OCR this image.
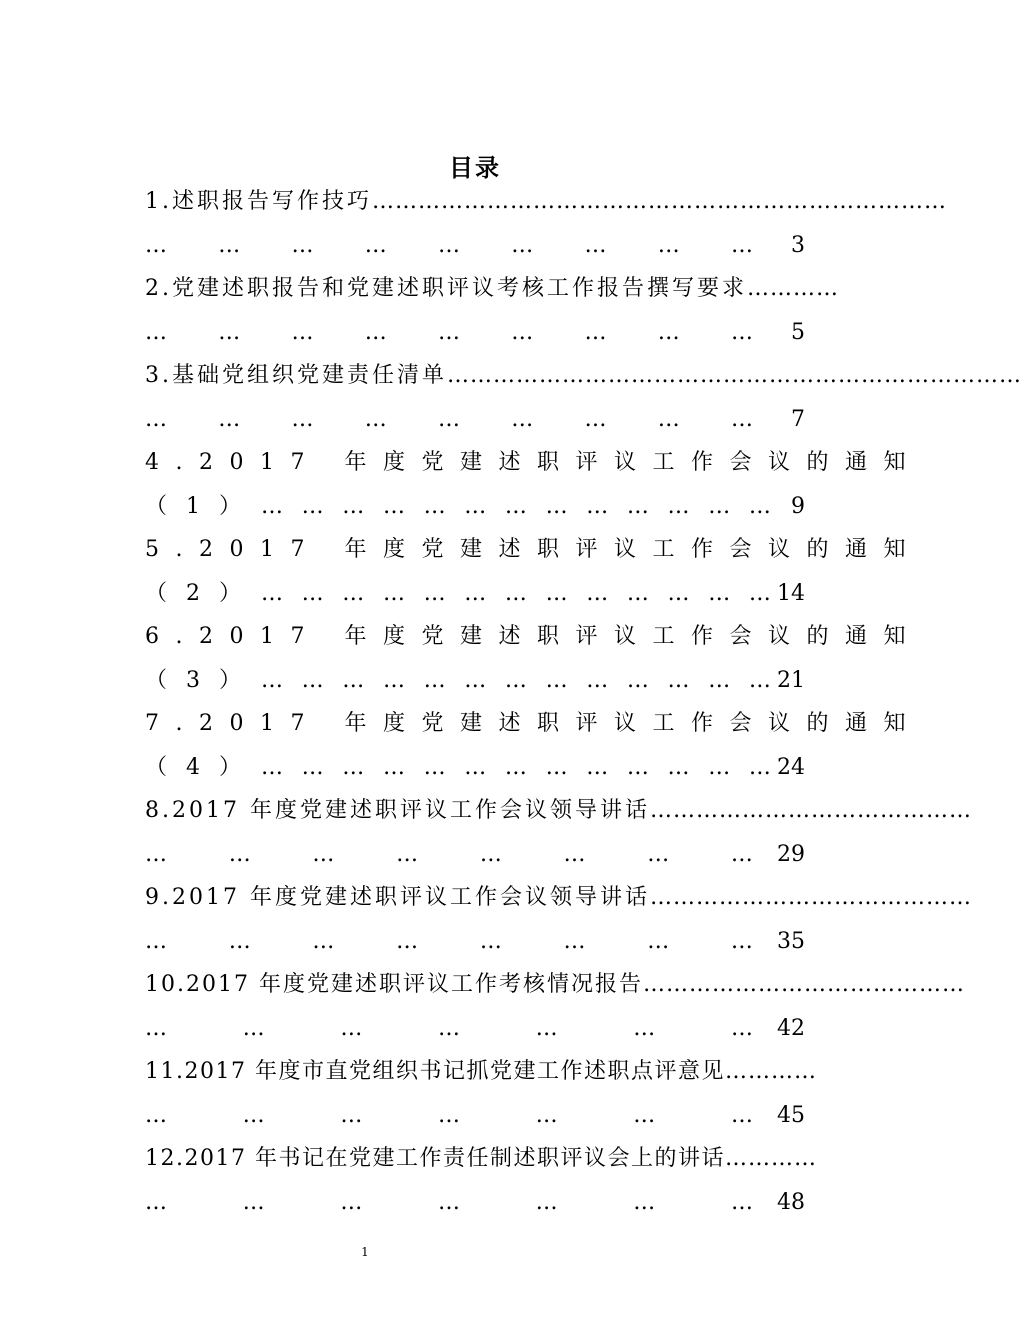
目录
1.述职报告写作技巧 …………………………………………………………………
… … … … … … … … …	3
2.党建述职报告和党建述职评议考核工作报告撰写要求 …………
… … … … … … … … …	5
3.基础党组织党建责任清单 …………………………………………………………………
… … … … … … … … …	7
4.2017 年度党建述职评议工作会议的通知
（ 1 ） … … … … … … … … … … … … … 9
5.2017 年度党建述职评议工作会议的通知
（ 2 ） … … … … … … … … … … … … … 14
6.2017 年度党建述职评议工作会议的通知
（ 3 ） … … … … … … … … … … … … … 21
7.2017 年度党建述职评议工作会议的通知
（ 4 ） … … … … … … … … … … … … … 24
8.2017 年度党建述职评议工作会议领导讲话 ……………………………………
…	…	…	…	…	…	…	… 29
9.2017 年度党建述职评议工作会议领导讲话 ……………………………………
…	…	…	…	…	…	…	… 35
10.2017 年度党建述职评议工作考核情况报告 ……………………………………
…	…	…	…	…	…	… 42
11.2017 年度市直党组织书记抓党建工作述职点评意见 …………
…	…	…	…	…	…	… 45
12.2017 年书记在党建工作责任制述职评议会上的讲话 …………
…	…	…	…	…	…	… 48
1
